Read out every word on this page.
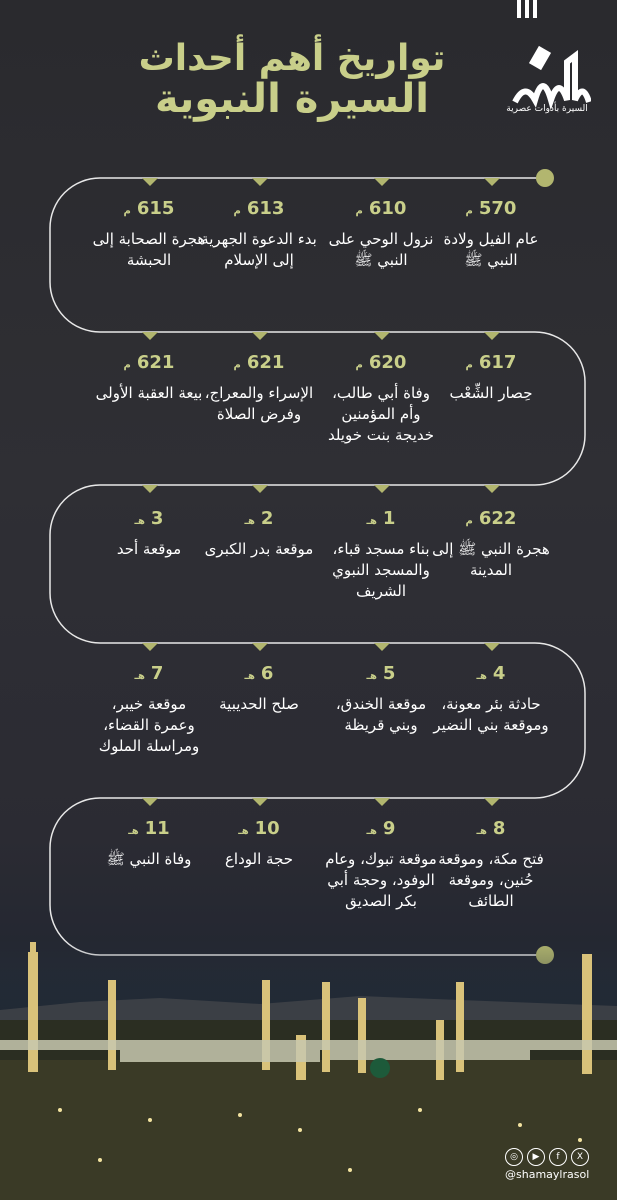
تواريخ أهم أحداث
السيرة النبوية	السيرة بأدوات عصرية
570م
عام الفيل ولادة النبي ﷺ
610م
نزول الوحي على النبي ﷺ
613م
بدء الدعوة الجهرية إلى الإسلام
615م
هجرة الصحابة إلى الحبشة
617م
حِصار الشِّعْب
620م
وفاة أبي طالب، وأم المؤمنين خديجة بنت خويلد
621م
الإسراء والمعراج، وفرض الصلاة
621م
بيعة العقبة الأولى
622م
هجرة النبي ﷺ إلى المدينة
1هـ
بناء مسجد قباء، والمسجد النبوي الشريف
2هـ
موقعة بدر الكبرى
3هـ
موقعة أحد
4هـ
حادثة بئر معونة، وموقعة بني النضير
5هـ
موقعة الخندق، وبني قريظة
6هـ
صلح الحديبية
7هـ
موقعة خيبر، وعمرة القضاء، ومراسلة الملوك
8هـ
فتح مكة، وموقعة حُنين، وموقعة الطائف
9هـ
موقعة تبوك، وعام الوفود، وحجة أبي بكر الصديق
10هـ
حجة الوداع
11هـ
وفاة النبي ﷺ
◎	▶	f	X
@shamaylrasol
